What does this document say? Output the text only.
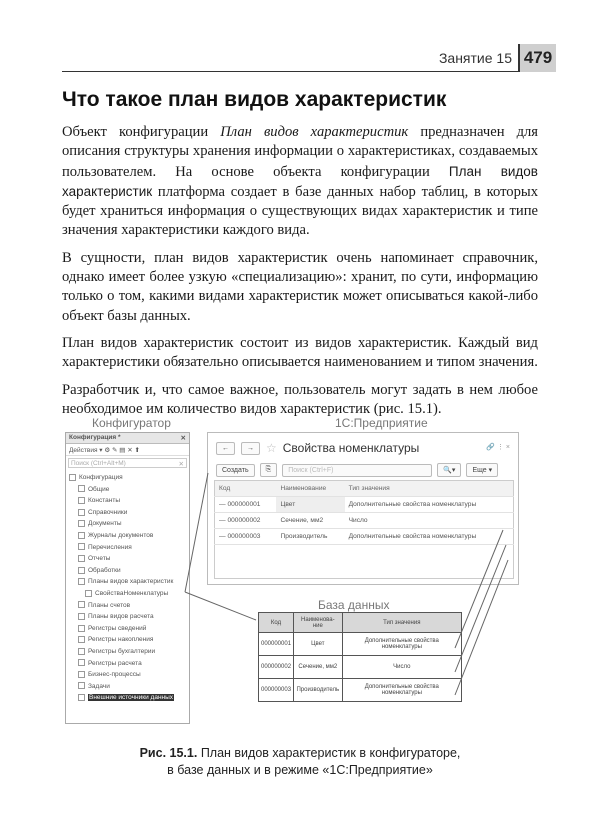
Занятие 15 479
Что такое план видов характеристик

Объект конфигурации План видов характеристик предназначен для описания структуры хранения информации о характеристиках, создаваемых пользователем. На основе объекта конфигурации План видов характеристик платформа создает в базе данных набор таблиц, в которых будет храниться информация о существующих видах характеристик и типе значения характеристики каждого вида.

В сущности, план видов характеристик очень напоминает справочник, однако имеет более узкую «специализацию»: хранит, по сути, информацию только о том, какими видами характеристик может описываться какой-либо объект базы данных.

План видов характеристик состоит из видов характеристик. Каждый вид характеристики обязательно описывается наименованием и типом значения.

Разработчик и, что самое важное, пользователь могут задать в нем любое необходимое им количество видов характеристик (рис. 15.1).

Конфигуратор	1С:Предприятие
База данных
Конфигурация *	✕
Действия ▾ ⚙ ✎ ▤ ✕ ⬆
Поиск (Ctrl+Alt+M)	✕
Конфигурация
Общие
Константы
Справочники
Документы
Журналы документов
Перечисления
Отчеты
Обработки
Планы видов характеристик
СвойстваНоменклатуры
Планы счетов
Планы видов расчета
Регистры сведений
Регистры накопления
Регистры бухгалтерии
Регистры расчета
Бизнес-процессы
Задачи
Внешние источники данных
←	→	☆ Свойства номенклатуры	🔗 ⋮ ×
Создать	⎘	Поиск (Ctrl+F)	🔍▾	Еще ▾
Код	Наименование	Тип значения
— 000000001	Цвет	Дополнительные свойства номенклатуры
— 000000002	Сечение, мм2	Число
— 000000003	Производитель	Дополнительные свойства номенклатуры

Код	Наименова-ние	Тип значения
000000001	Цвет	Дополнительные свойства номенклатуры
000000002	Сечение, мм2	Число
000000003	Производитель	Дополнительные свойства номенклатуры
Рис. 15.1. План видов характеристик в конфигураторе,
в базе данных и в режиме «1С:Предприятие»
